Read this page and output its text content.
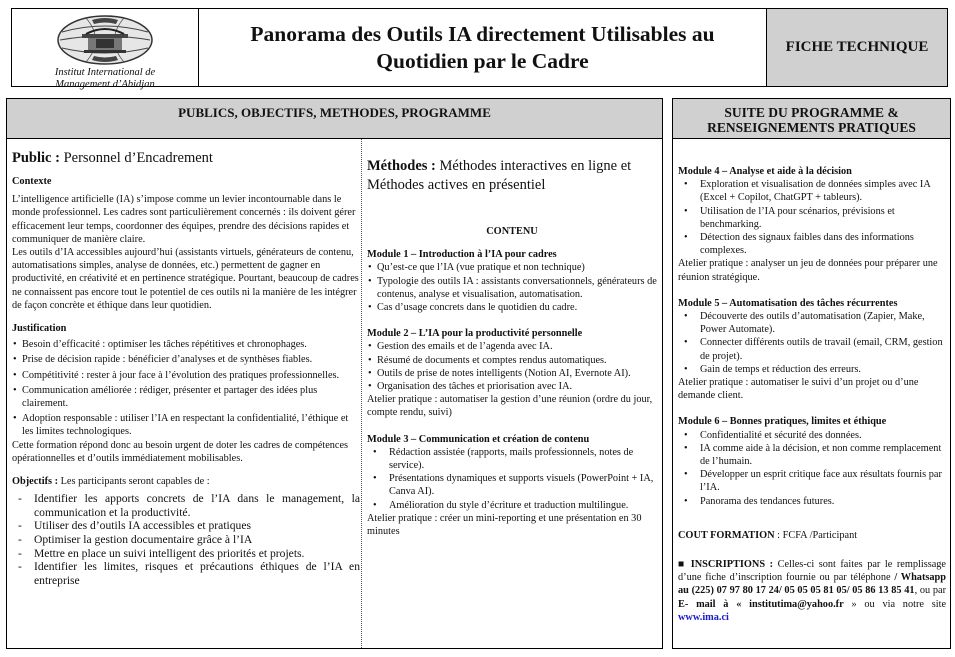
Institut International de
Management d’Abidjan
Panorama des Outils IA directement Utilisables au
Quotidien par le Cadre
FICHE TECHNIQUE
PUBLICS, OBJECTIFS, METHODES, PROGRAMME

Public : Personnel d’Encadrement

Contexte

L’intelligence artificielle (IA) s’impose comme un levier incontournable dans le monde professionnel. Les cadres sont particulièrement concernés : ils doivent gérer efficacement leur temps, coordonner des équipes, prendre des décisions rapides et communiquer de manière claire.

Les outils d’IA accessibles aujourd’hui (assistants virtuels, générateurs de contenu, automatisations simples, analyse de données, etc.) permettent de gagner en productivité, en créativité et en pertinence stratégique. Pourtant, beaucoup de cadres ne connaissent pas encore tout le potentiel de ces outils ni la manière de les intégrer de façon concrète et éthique dans leur quotidien.

Justification

• Besoin d’efficacité : optimiser les tâches répétitives et chronophages.
• Prise de décision rapide : bénéficier d’analyses et de synthèses fiables.
• Compétitivité : rester à jour face à l’évolution des pratiques professionnelles.
• Communication améliorée : rédiger, présenter et partager des idées plus clairement.
• Adoption responsable : utiliser l’IA en respectant la confidentialité, l’éthique et les limites technologiques.

Cette formation répond donc au besoin urgent de doter les cadres de compétences opérationnelles et d’outils immédiatement mobilisables.

Objectifs : Les participants seront capables de :

- Identifier les apports concrets de l’IA dans le management, la communication et la productivité.
- Utiliser des d’outils IA accessibles et pratiques
- Optimiser la gestion documentaire grâce à l’IA
- Mettre en place un suivi intelligent des priorités et projets.
- Identifier les limites, risques et précautions éthiques de l’IA en entreprise

Méthodes : Méthodes interactives en ligne et Méthodes actives en présentiel

CONTENU

Module 1 – Introduction à l’IA pour cadres

• Qu’est-ce que l’IA (vue pratique et non technique)
• Typologie des outils IA : assistants conversationnels, générateurs de contenus, analyse et visualisation, automatisation.
• Cas d’usage concrets dans le quotidien du cadre.

Module 2 – L’IA pour la productivité personnelle

• Gestion des emails et de l’agenda avec IA.
• Résumé de documents et comptes rendus automatiques.
• Outils de prise de notes intelligents (Notion AI, Evernote AI).
• Organisation des tâches et priorisation avec IA.

Atelier pratique : automatiser la gestion d’une réunion (ordre du jour, compte rendu, suivi)

Module 3 – Communication et création de contenu

• Rédaction assistée (rapports, mails professionnels, notes de service).
• Présentations dynamiques et supports visuels (PowerPoint + IA, Canva AI).
• Amélioration du style d’écriture et traduction multilingue.

Atelier pratique : créer un mini-reporting et une présentation en 30 minutes

SUITE DU PROGRAMME &
RENSEIGNEMENTS PRATIQUES

Module 4 – Analyse et aide à la décision

• Exploration et visualisation de données simples avec IA (Excel + Copilot, ChatGPT + tableurs).
• Utilisation de l’IA pour scénarios, prévisions et benchmarking.
• Détection des signaux faibles dans des informations complexes.

Atelier pratique : analyser un jeu de données pour préparer une réunion stratégique.

Module 5 – Automatisation des tâches récurrentes

• Découverte des outils d’automatisation (Zapier, Make, Power Automate).
• Connecter différents outils de travail (email, CRM, gestion de projet).
• Gain de temps et réduction des erreurs.

Atelier pratique : automatiser le suivi d’un projet ou d’une demande client.

Module 6 – Bonnes pratiques, limites et éthique

• Confidentialité et sécurité des données.
• IA comme aide à la décision, et non comme remplacement de l’humain.
• Développer un esprit critique face aux résultats fournis par l’IA.
• Panorama des tendances futures.

COUT FORMATION : FCFA /Participant

■ INSCRIPTIONS : Celles-ci sont faites par le remplissage d’une fiche d’inscription fournie ou par téléphone / Whatsapp au (225) 07 97 80 17 24/ 05 05 05 81 05/ 05 86 13 85 41, ou par E- mail à « institutima@yahoo.fr » ou via notre site www.ima.ci
